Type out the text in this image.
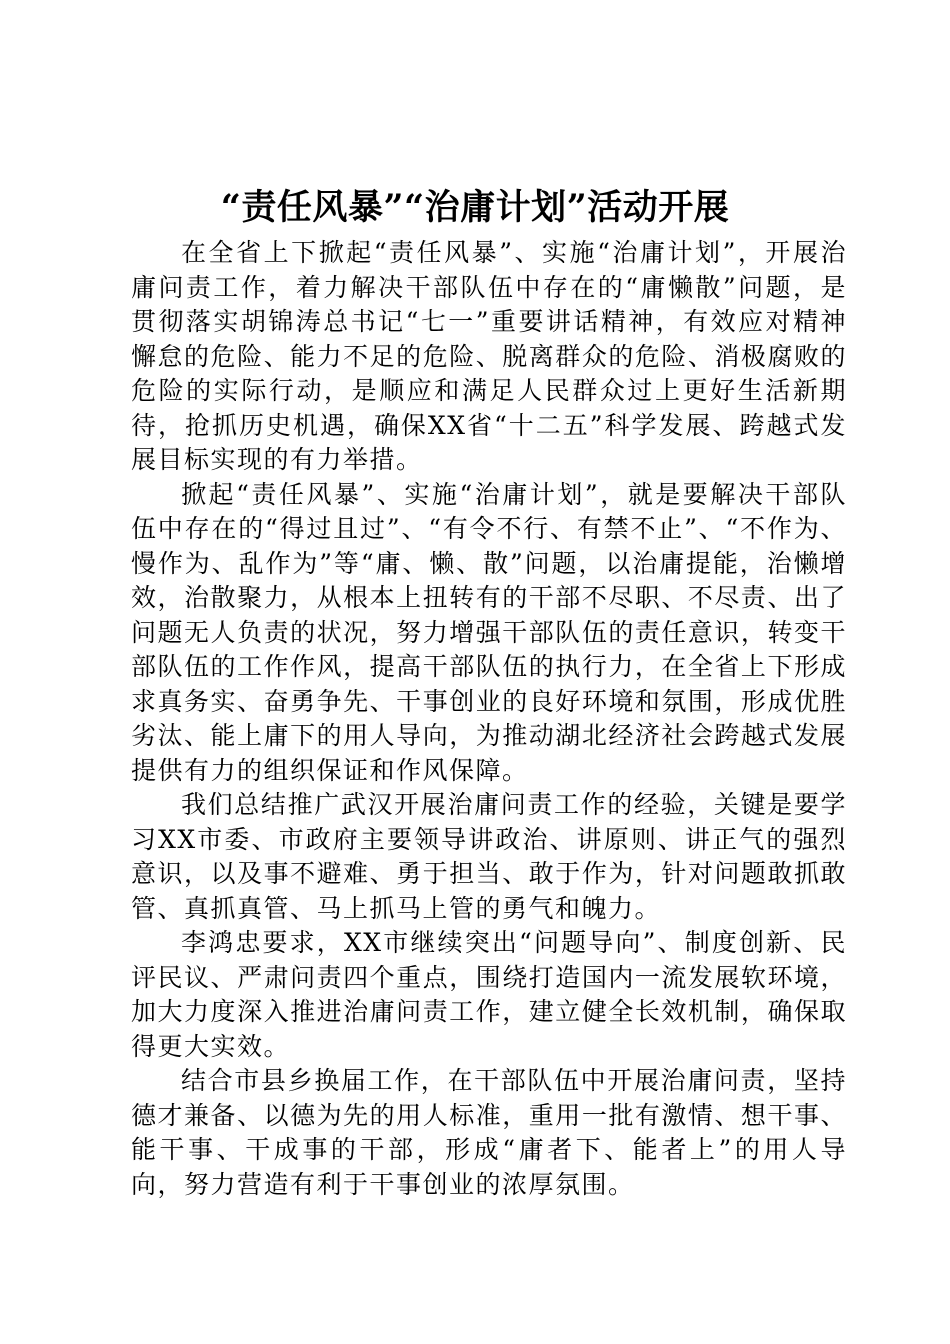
“责任风暴”“治庸计划”活动开展

在全省上下掀起“责任风暴”、实施“治庸计划”，开展治庸问责工作，着力解决干部队伍中存在的“庸懒散”问题，是贯彻落实胡锦涛总书记“七一”重要讲话精神，有效应对精神懈怠的危险、能力不足的危险、脱离群众的危险、消极腐败的危险的实际行动，是顺应和满足人民群众过上更好生活新期待，抢抓历史机遇，确保XX省“十二五”科学发展、跨越式发展目标实现的有力举措。

掀起“责任风暴”、实施“治庸计划”，就是要解决干部队伍中存在的“得过且过”、“有令不行、有禁不止”、“不作为、慢作为、乱作为”等“庸、懒、散”问题，以治庸提能，治懒增效，治散聚力，从根本上扭转有的干部不尽职、不尽责、出了问题无人负责的状况，努力增强干部队伍的责任意识，转变干部队伍的工作作风，提高干部队伍的执行力，在全省上下形成求真务实、奋勇争先、干事创业的良好环境和氛围，形成优胜劣汰、能上庸下的用人导向，为推动湖北经济社会跨越式发展提供有力的组织保证和作风保障。

我们总结推广武汉开展治庸问责工作的经验，关键是要学习XX市委、市政府主要领导讲政治、讲原则、讲正气的强烈意识，以及事不避难、勇于担当、敢于作为，针对问题敢抓敢管、真抓真管、马上抓马上管的勇气和魄力。

李鸿忠要求，XX市继续突出“问题导向”、制度创新、民评民议、严肃问责四个重点，围绕打造国内一流发展软环境，加大力度深入推进治庸问责工作，建立健全长效机制，确保取得更大实效。

结合市县乡换届工作，在干部队伍中开展治庸问责，坚持德才兼备、以德为先的用人标准，重用一批有激情、想干事、能干事、干成事的干部，形成“庸者下、能者上”的用人导向，努力营造有利于干事创业的浓厚氛围。
